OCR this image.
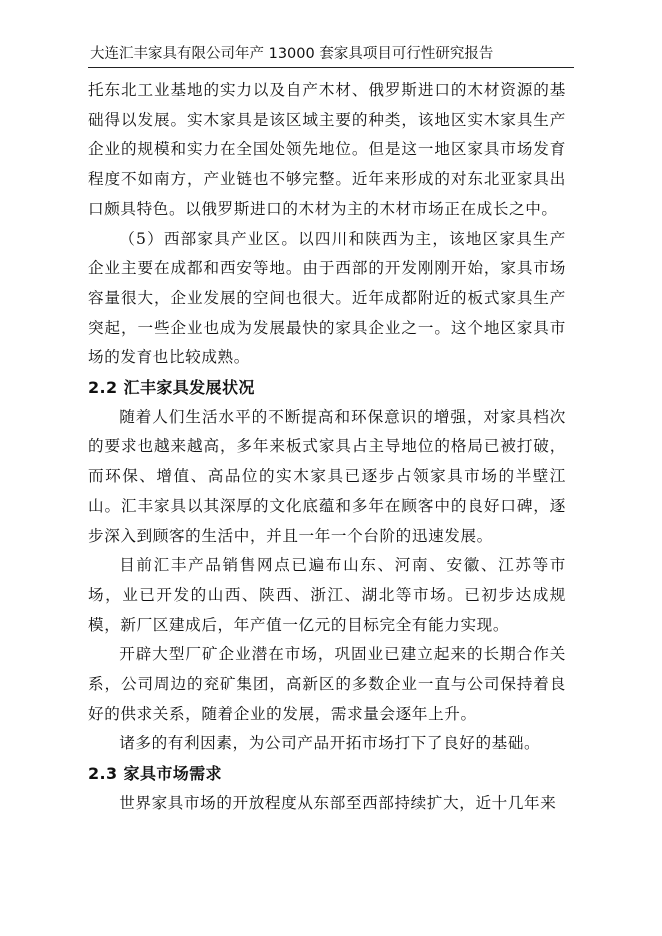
大连汇丰家具有限公司年产 13000 套家具项目可行性研究报告

托东北工业基地的实力以及自产木材、俄罗斯进口的木材资源的基础得以发展。实木家具是该区域主要的种类，该地区实木家具生产企业的规模和实力在全国处领先地位。但是这一地区家具市场发育程度不如南方，产业链也不够完整。近年来形成的对东北亚家具出口颇具特色。以俄罗斯进口的木材为主的木材市场正在成长之中。

（5）西部家具产业区。以四川和陕西为主，该地区家具生产企业主要在成都和西安等地。由于西部的开发刚刚开始，家具市场容量很大，企业发展的空间也很大。近年成都附近的板式家具生产突起，一些企业也成为发展最快的家具企业之一。这个地区家具市场的发育也比较成熟。

2.2 汇丰家具发展状况

随着人们生活水平的不断提高和环保意识的增强，对家具档次的要求也越来越高，多年来板式家具占主导地位的格局已被打破，而环保、增值、高品位的实木家具已逐步占领家具市场的半壁江山。汇丰家具以其深厚的文化底蕴和多年在顾客中的良好口碑，逐步深入到顾客的生活中，并且一年一个台阶的迅速发展。

目前汇丰产品销售网点已遍布山东、河南、安徽、江苏等市场，业已开发的山西、陕西、浙江、湖北等市场。已初步达成规模，新厂区建成后，年产值一亿元的目标完全有能力实现。

开辟大型厂矿企业潜在市场，巩固业已建立起来的长期合作关系，公司周边的兖矿集团，高新区的多数企业一直与公司保持着良好的供求关系，随着企业的发展，需求量会逐年上升。

诸多的有利因素，为公司产品开拓市场打下了良好的基础。

2.3 家具市场需求

世界家具市场的开放程度从东部至西部持续扩大，近十几年来
